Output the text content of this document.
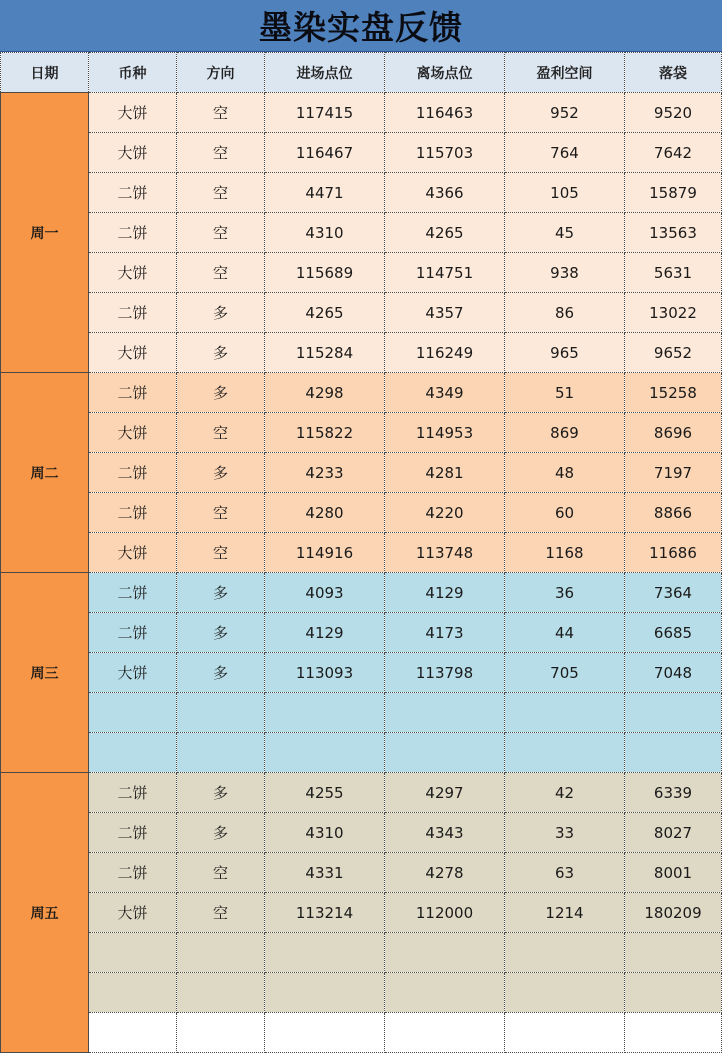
墨染实盘反馈
日期	币种	方向	进场点位	离场点位	盈利空间	落袋
周一	大饼	空	117415	116463	952	9520
	大饼	空	116467	115703	764	7642
	二饼	空	4471	4366	105	15879
	二饼	空	4310	4265	45	13563
	大饼	空	115689	114751	938	5631
	二饼	多	4265	4357	86	13022
	大饼	多	115284	116249	965	9652
周二	二饼	多	4298	4349	51	15258
	大饼	空	115822	114953	869	8696
	二饼	多	4233	4281	48	7197
	二饼	空	4280	4220	60	8866
	大饼	空	114916	113748	1168	11686
周三	二饼	多	4093	4129	36	7364
	二饼	多	4129	4173	44	6685
	大饼	多	113093	113798	705	7048

周五	二饼	多	4255	4297	42	6339
	二饼	多	4310	4343	33	8027
	二饼	空	4331	4278	63	8001
	大饼	空	113214	112000	1214	180209
